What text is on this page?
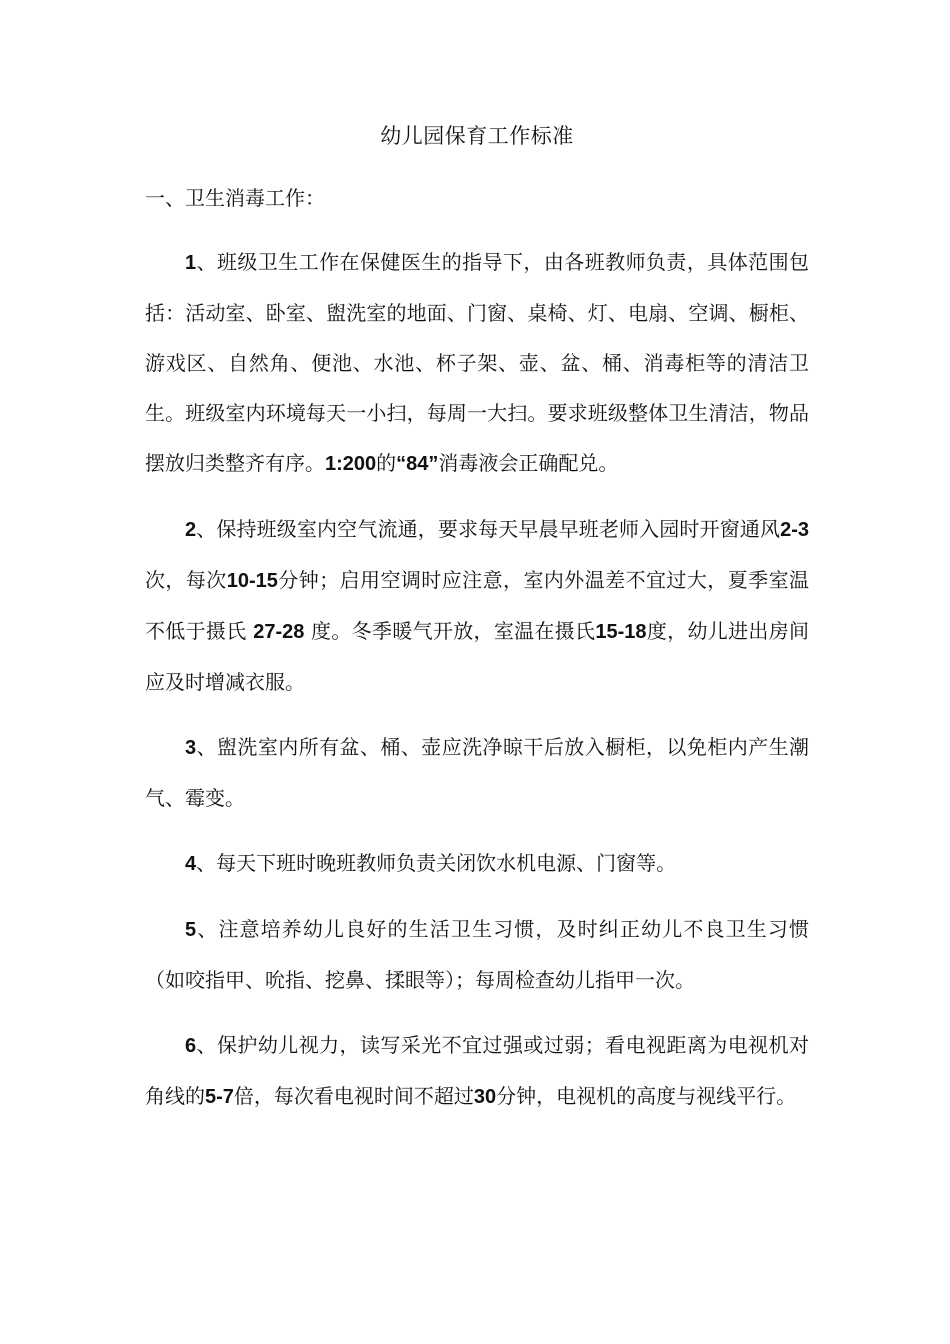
幼儿园保育工作标准
一、卫生消毒工作：

1、班级卫生工作在保健医生的指导下，由各班教师负责，具体范围包括：活动室、卧室、盥洗室的地面、门窗、桌椅、灯、电扇、空调、橱柜、游戏区、自然角、便池、水池、杯子架、壶、盆、桶、消毒柜等的清洁卫生。班级室内环境每天一小扫，每周一大扫。要求班级整体卫生清洁，物品摆放归类整齐有序。1:200的“84”消毒液会正确配兑。

2、保持班级室内空气流通，要求每天早晨早班老师入园时开窗通风2-3次，每次10-15分钟；启用空调时应注意，室内外温差不宜过大，夏季室温不低于摄氏 27-28 度。冬季暖气开放，室温在摄氏15-18度，幼儿进出房间应及时增减衣服。

3、盥洗室内所有盆、桶、壶应洗净晾干后放入橱柜，以免柜内产生潮气、霉变。

4、每天下班时晚班教师负责关闭饮水机电源、门窗等。

5、注意培养幼儿良好的生活卫生习惯，及时纠正幼儿不良卫生习惯（如咬指甲、吮指、挖鼻、揉眼等）；每周检查幼儿指甲一次。

6、保护幼儿视力，读写采光不宜过强或过弱；看电视距离为电视机对角线的5-7倍，每次看电视时间不超过30分钟，电视机的高度与视线平行。
